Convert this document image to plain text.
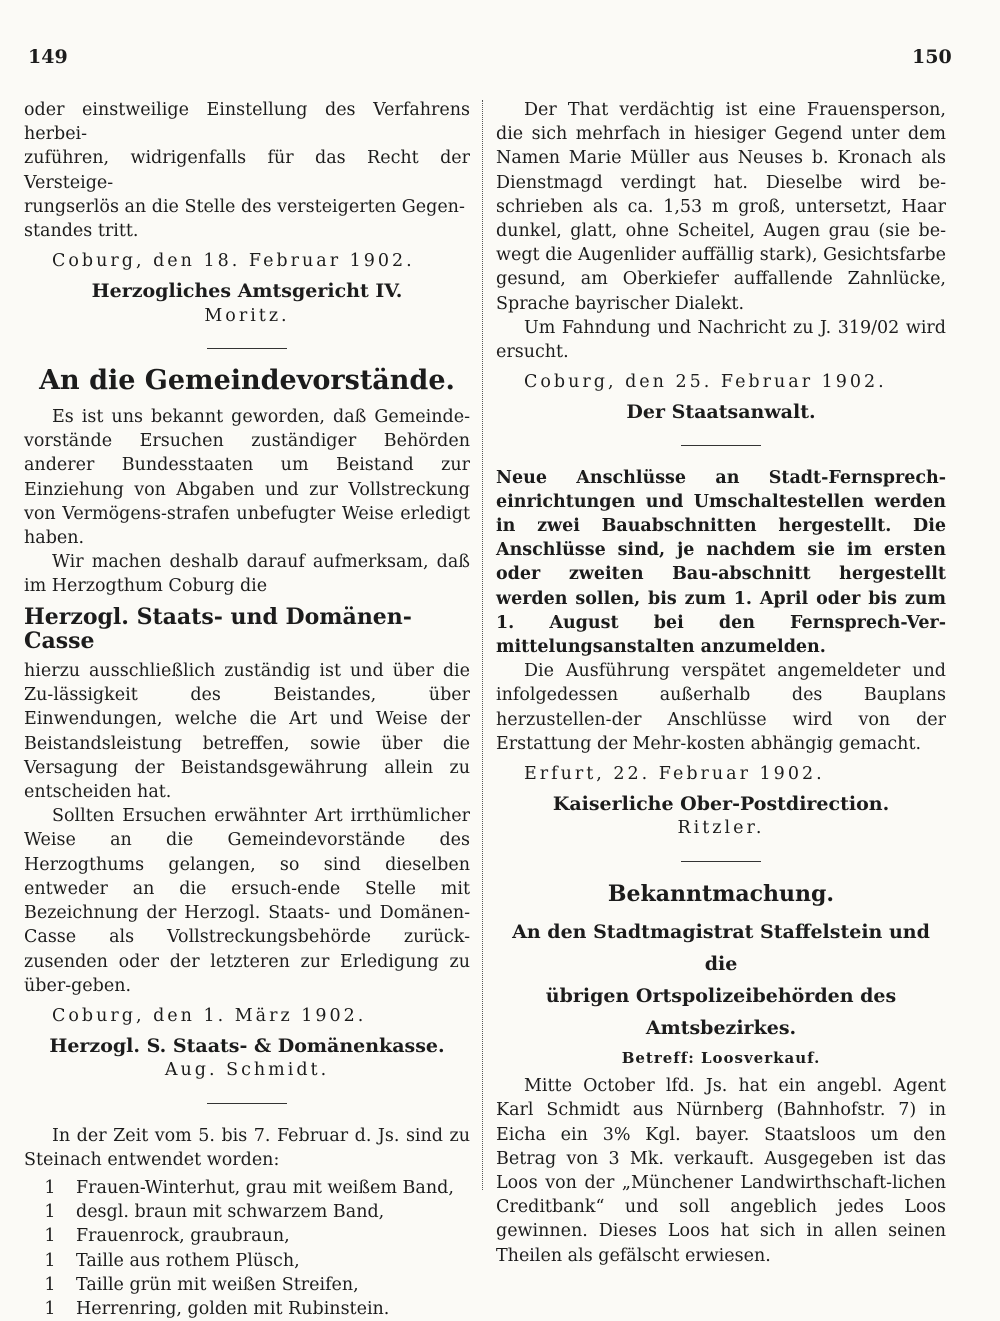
149	150

oder einstweilige Einstellung des Verfahrens herbei-
zuführen, widrigenfalls für das Recht der Versteige-
rungserlös an die Stelle des versteigerten Gegen-
standes tritt.

Coburg, den 18. Februar 1902.

Herzogliches Amtsgericht IV.

Moritz.

An die Gemeindevorstände.

Es ist uns bekannt geworden, daß Gemeinde-vorstände Ersuchen zuständiger Behörden anderer Bundesstaaten um Beistand zur Einziehung von Abgaben und zur Vollstreckung von Vermögens-strafen unbefugter Weise erledigt haben.

Wir machen deshalb darauf aufmerksam, daß im Herzogthum Coburg die

Herzogl. Staats- und Domänen-Casse

hierzu ausschließlich zuständig ist und über die Zu-lässigkeit des Beistandes, über Einwendungen, welche die Art und Weise der Beistandsleistung betreffen, sowie über die Versagung der Beistandsgewährung allein zu entscheiden hat.

Sollten Ersuchen erwähnter Art irrthümlicher Weise an die Gemeindevorstände des Herzogthums gelangen, so sind dieselben entweder an die ersuch-ende Stelle mit Bezeichnung der Herzogl. Staats- und Domänen-Casse als Vollstreckungsbehörde zurück-zusenden oder der letzteren zur Erledigung zu über-geben.

Coburg, den 1. März 1902.

Herzogl. S. Staats- & Domänenkasse.

Aug. Schmidt.

In der Zeit vom 5. bis 7. Februar d. Js. sind zu Steinach entwendet worden:

1	Frauen-Winterhut, grau mit weißem Band,
1	desgl. braun mit schwarzem Band,
1	Frauenrock, graubraun,
1	Taille aus rothem Plüsch,
1	Taille grün mit weißen Streifen,
1	Herrenring, golden mit Rubinstein.

Der That verdächtig ist eine Frauensperson, die sich mehrfach in hiesiger Gegend unter dem Namen Marie Müller aus Neuses b. Kronach als Dienstmagd verdingt hat. Dieselbe wird be-schrieben als ca. 1,53 m groß, untersetzt, Haar dunkel, glatt, ohne Scheitel, Augen grau (sie be-wegt die Augenlider auffällig stark), Gesichtsfarbe gesund, am Oberkiefer auffallende Zahnlücke, Sprache bayrischer Dialekt.

Um Fahndung und Nachricht zu J. 319/02 wird ersucht.

Coburg, den 25. Februar 1902.

Der Staatsanwalt.

Neue Anschlüsse an Stadt-Fernsprech-einrichtungen und Umschaltestellen werden in zwei Bauabschnitten hergestellt. Die Anschlüsse sind, je nachdem sie im ersten oder zweiten Bau-abschnitt hergestellt werden sollen, bis zum 1. April oder bis zum 1. August bei den Fernsprech-Ver-mittelungsanstalten anzumelden.

Die Ausführung verspätet angemeldeter und infolgedessen außerhalb des Bauplans herzustellen-der Anschlüsse wird von der Erstattung der Mehr-kosten abhängig gemacht.

Erfurt, 22. Februar 1902.

Kaiserliche Ober-Postdirection.

Ritzler.

Bekanntmachung.

An den Stadtmagistrat Staffelstein und die

übrigen Ortspolizeibehörden des Amtsbezirkes.

Betreff: Loosverkauf.

Mitte October lfd. Js. hat ein angebl. Agent Karl Schmidt aus Nürnberg (Bahnhofstr. 7) in Eicha ein 3% Kgl. bayer. Staatsloos um den Betrag von 3 Mk. verkauft. Ausgegeben ist das Loos von der „Münchener Landwirthschaft-lichen Creditbank“ und soll angeblich jedes Loos gewinnen. Dieses Loos hat sich in allen seinen Theilen als gefälscht erwiesen.
